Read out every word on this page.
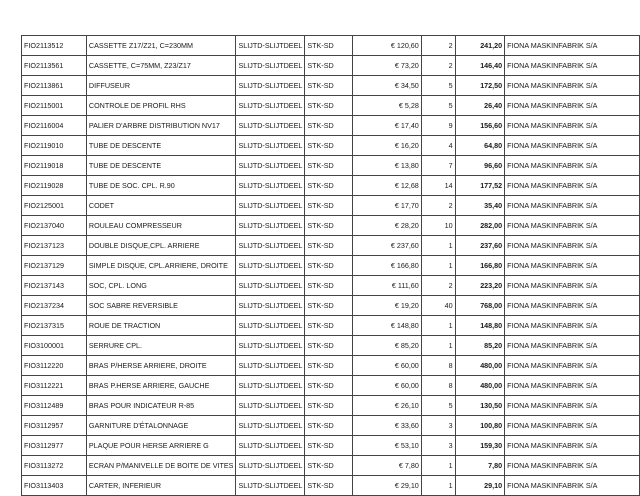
FIO2113512	CASSETTE Z17/Z21, C=230MM	SLIJTD-SLIJTDEEL	STK-SD	€ 120,60	2	241,20	FIONA MASKINFABRIK S/A
FIO2113561	CASSETTE, C=75MM, Z23/Z17	SLIJTD-SLIJTDEEL	STK-SD	€ 73,20	2	146,40	FIONA MASKINFABRIK S/A
FIO2113861	DIFFUSEUR	SLIJTD-SLIJTDEEL	STK-SD	€ 34,50	5	172,50	FIONA MASKINFABRIK S/A
FIO2115001	CONTROLE DE PROFIL RHS	SLIJTD-SLIJTDEEL	STK-SD	€ 5,28	5	26,40	FIONA MASKINFABRIK S/A
FIO2116004	PALIER D'ARBRE DISTRIBUTION NV17	SLIJTD-SLIJTDEEL	STK-SD	€ 17,40	9	156,60	FIONA MASKINFABRIK S/A
FIO2119010	TUBE DE DESCENTE	SLIJTD-SLIJTDEEL	STK-SD	€ 16,20	4	64,80	FIONA MASKINFABRIK S/A
FIO2119018	TUBE DE DESCENTE	SLIJTD-SLIJTDEEL	STK-SD	€ 13,80	7	96,60	FIONA MASKINFABRIK S/A
FIO2119028	TUBE DE SOC. CPL. R.90	SLIJTD-SLIJTDEEL	STK-SD	€ 12,68	14	177,52	FIONA MASKINFABRIK S/A
FIO2125001	CODET	SLIJTD-SLIJTDEEL	STK-SD	€ 17,70	2	35,40	FIONA MASKINFABRIK S/A
FIO2137040	ROULEAU COMPRESSEUR	SLIJTD-SLIJTDEEL	STK-SD	€ 28,20	10	282,00	FIONA MASKINFABRIK S/A
FIO2137123	DOUBLE DISQUE,CPL. ARRIERE	SLIJTD-SLIJTDEEL	STK-SD	€ 237,60	1	237,60	FIONA MASKINFABRIK S/A
FIO2137129	SIMPLE DISQUE, CPL.ARRIERE, DROITE	SLIJTD-SLIJTDEEL	STK-SD	€ 166,80	1	166,80	FIONA MASKINFABRIK S/A
FIO2137143	SOC, CPL. LONG	SLIJTD-SLIJTDEEL	STK-SD	€ 111,60	2	223,20	FIONA MASKINFABRIK S/A
FIO2137234	SOC SABRE REVERSIBLE	SLIJTD-SLIJTDEEL	STK-SD	€ 19,20	40	768,00	FIONA MASKINFABRIK S/A
FIO2137315	ROUE DE TRACTION	SLIJTD-SLIJTDEEL	STK-SD	€ 148,80	1	148,80	FIONA MASKINFABRIK S/A
FIO3100001	SERRURE CPL.	SLIJTD-SLIJTDEEL	STK-SD	€ 85,20	1	85,20	FIONA MASKINFABRIK S/A
FIO3112220	BRAS P/HERSE ARRIERE, DROITE	SLIJTD-SLIJTDEEL	STK-SD	€ 60,00	8	480,00	FIONA MASKINFABRIK S/A
FIO3112221	BRAS P.HERSE ARRIERE, GAUCHE	SLIJTD-SLIJTDEEL	STK-SD	€ 60,00	8	480,00	FIONA MASKINFABRIK S/A
FIO3112489	BRAS POUR INDICATEUR R-85	SLIJTD-SLIJTDEEL	STK-SD	€ 26,10	5	130,50	FIONA MASKINFABRIK S/A
FIO3112957	GARNITURE D'ÉTALONNAGE	SLIJTD-SLIJTDEEL	STK-SD	€ 33,60	3	100,80	FIONA MASKINFABRIK S/A
FIO3112977	PLAQUE POUR HERSE ARRIERE G	SLIJTD-SLIJTDEEL	STK-SD	€ 53,10	3	159,30	FIONA MASKINFABRIK S/A
FIO3113272	ECRAN P/MANIVELLE DE BOITE DE VITES	SLIJTD-SLIJTDEEL	STK-SD	€ 7,80	1	7,80	FIONA MASKINFABRIK S/A
FIO3113403	CARTER, INFERIEUR	SLIJTD-SLIJTDEEL	STK-SD	€ 29,10	1	29,10	FIONA MASKINFABRIK S/A
